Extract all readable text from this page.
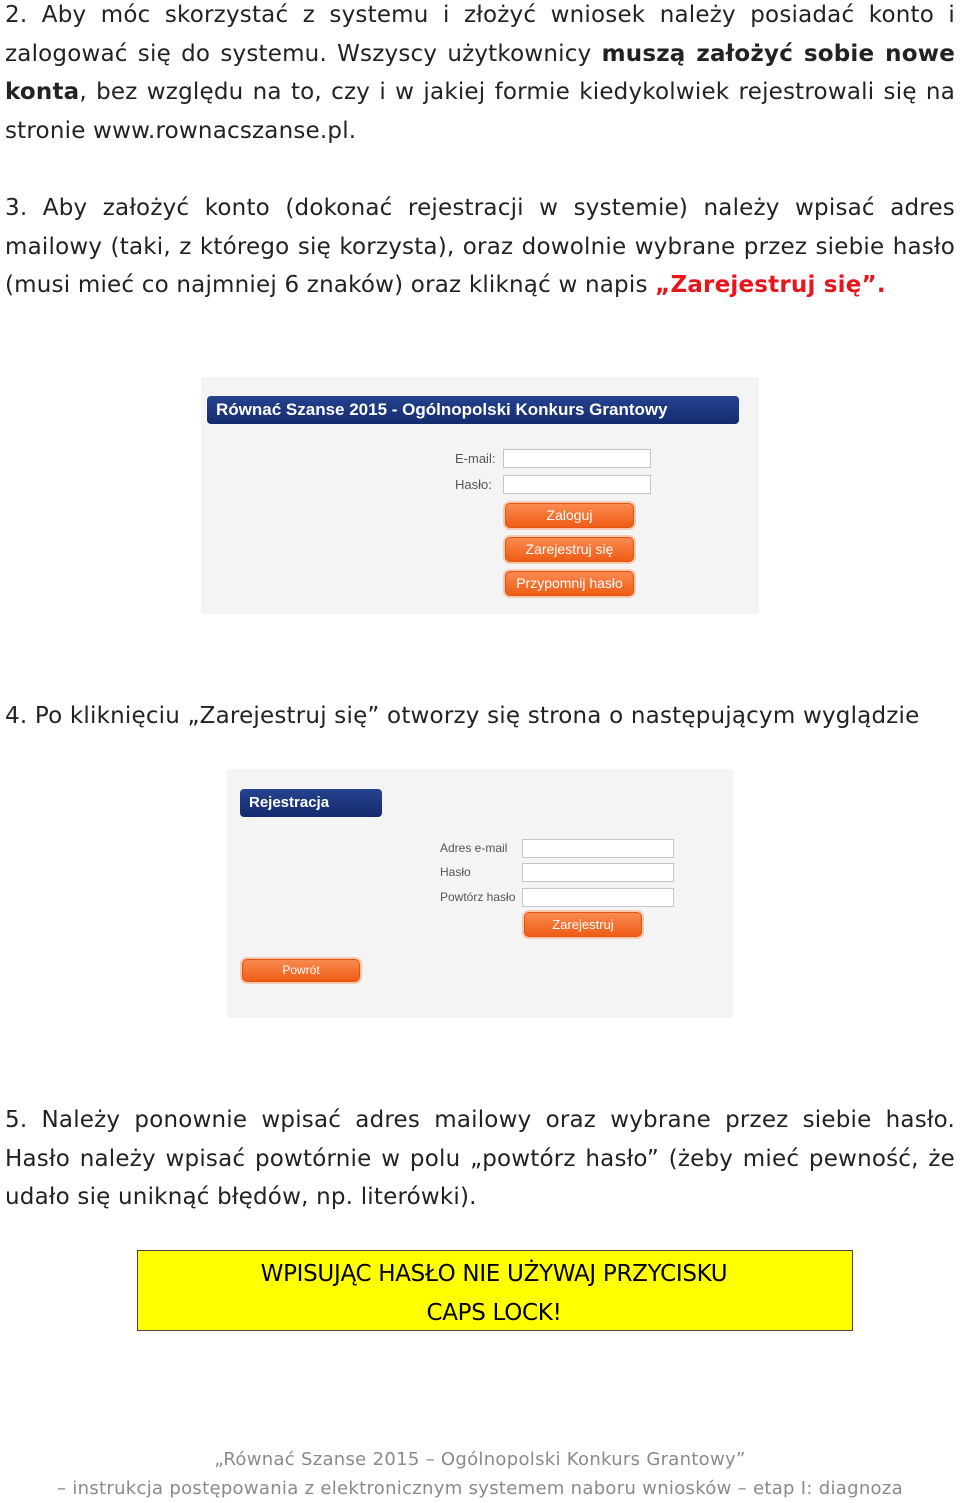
2. Aby móc skorzystać z systemu i złożyć wniosek należy posiadać konto i zalogować się do systemu. Wszyscy użytkownicy muszą założyć sobie nowe konta, bez względu na to, czy i w jakiej formie kiedykolwiek rejestrowali się na stronie www.rownacszanse.pl.
3. Aby założyć konto (dokonać rejestracji w systemie) należy wpisać adres mailowy (taki, z którego się korzysta), oraz dowolnie wybrane przez siebie hasło (musi mieć co najmniej 6 znaków) oraz kliknąć w napis „Zarejestruj się”.
Równać Szanse 2015 - Ogólnopolski Konkurs Grantowy
E-mail:
Hasło:
Zaloguj
Zarejestruj się
Przypomnij hasło
4. Po kliknięciu „Zarejestruj się” otworzy się strona o następującym wyglądzie
Rejestracja
Adres e-mail
Hasło
Powtórz hasło
Zarejestruj
Powrót
5. Należy ponownie wpisać adres mailowy oraz wybrane przez siebie hasło. Hasło należy wpisać powtórnie w polu „powtórz hasło” (żeby mieć pewność, że udało się uniknąć błędów, np. literówki).
WPISUJĄC HASŁO NIE UŻYWAJ PRZYCISKU
CAPS LOCK!
„Równać Szanse 2015 – Ogólnopolski Konkurs Grantowy”
– instrukcja postępowania z elektronicznym systemem naboru wniosków – etap I: diagnoza
